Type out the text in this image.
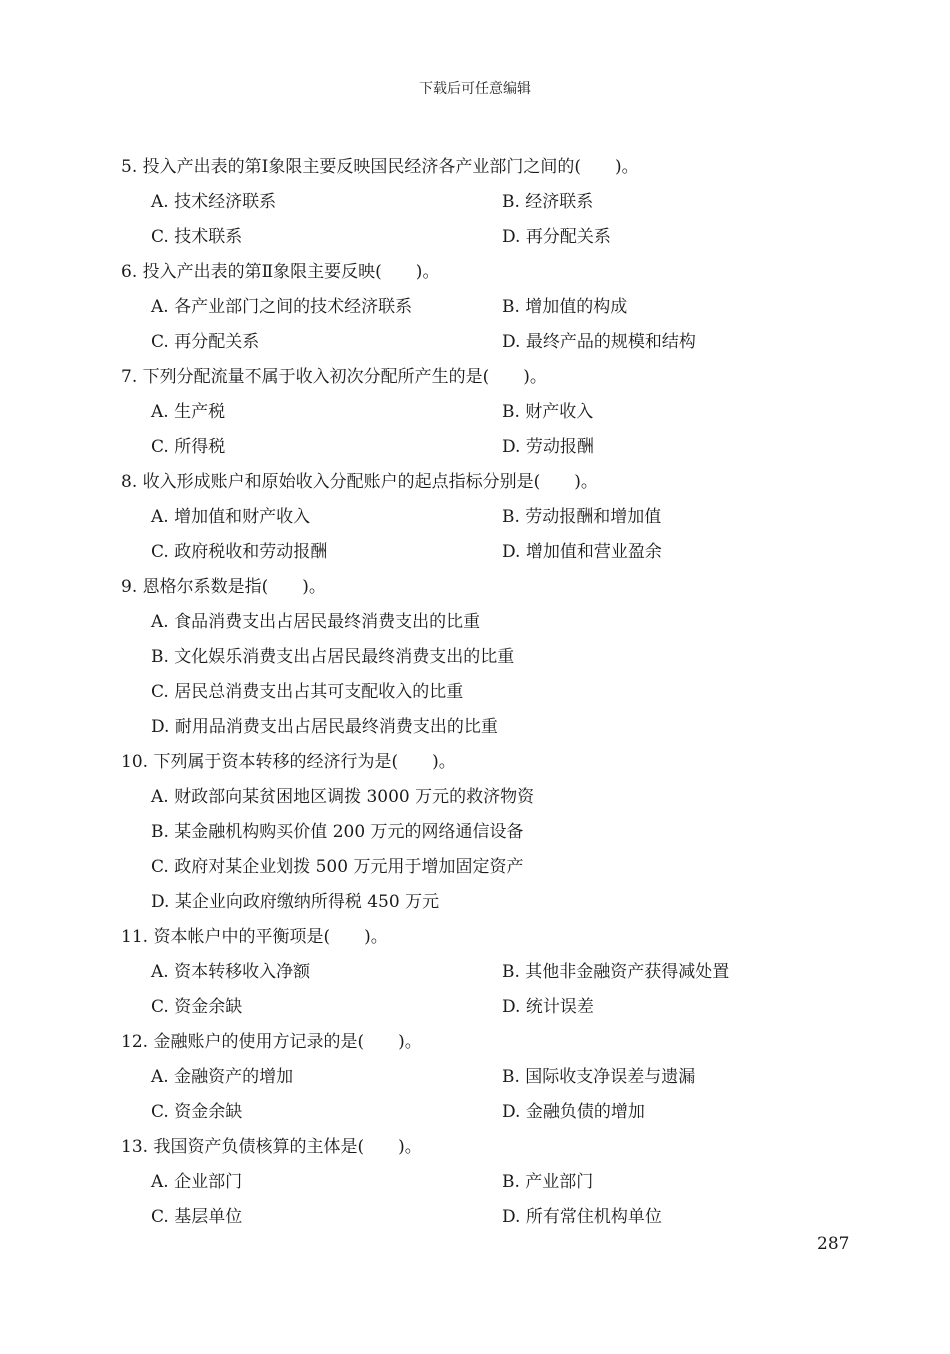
下载后可任意编辑
5. 投入产出表的第Ⅰ象限主要反映国民经济各产业部门之间的(　　)。
A. 技术经济联系	B. 经济联系
C. 技术联系	D. 再分配关系
6. 投入产出表的第Ⅱ象限主要反映(　　)。
A. 各产业部门之间的技术经济联系	B. 增加值的构成
C. 再分配关系	D. 最终产品的规模和结构
7. 下列分配流量不属于收入初次分配所产生的是(　　)。
A. 生产税	B. 财产收入
C. 所得税	D. 劳动报酬
8. 收入形成账户和原始收入分配账户的起点指标分别是(　　)。
A. 增加值和财产收入	B. 劳动报酬和增加值
C. 政府税收和劳动报酬	D. 增加值和营业盈余
9. 恩格尔系数是指(　　)。
A. 食品消费支出占居民最终消费支出的比重
B. 文化娱乐消费支出占居民最终消费支出的比重
C. 居民总消费支出占其可支配收入的比重
D. 耐用品消费支出占居民最终消费支出的比重
10. 下列属于资本转移的经济行为是(　　)。
A. 财政部向某贫困地区调拨 3000 万元的救济物资
B. 某金融机构购买价值 200 万元的网络通信设备
C. 政府对某企业划拨 500 万元用于增加固定资产
D. 某企业向政府缴纳所得税 450 万元
11. 资本帐户中的平衡项是(　　)。
A. 资本转移收入净额	B. 其他非金融资产获得减处置
C. 资金余缺	D. 统计误差
12. 金融账户的使用方记录的是(　　)。
A. 金融资产的增加	B. 国际收支净误差与遗漏
C. 资金余缺	D. 金融负债的增加
13. 我国资产负债核算的主体是(　　)。
A. 企业部门	B. 产业部门
C. 基层单位	D. 所有常住机构单位
287
